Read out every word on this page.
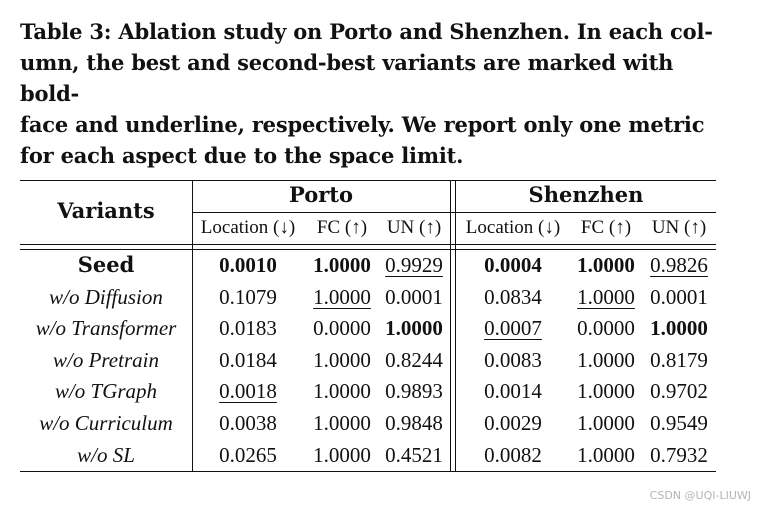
Table 3: Ablation study on Porto and Shenzhen. In each col-
umn, the best and second-best variants are marked with bold-
face and underline, respectively. We report only one metric
for each aspect due to the space limit.
Variants
Porto	Shenzhen
Location (↓)	FC (↑)	UN (↑)	Location (↓)	FC (↑)	UN (↑)
Seed	0.0010	1.0000 0.9929	0.0004	1.0000 0.9826
w/o Diffusion	0.1079	1.0000 0.0001	0.0834	1.0000 0.0001
w/o Transformer	0.0183	0.0000 1.0000	0.0007	0.0000 1.0000
w/o Pretrain	0.0184	1.0000 0.8244	0.0083	1.0000 0.8179
w/o TGraph	0.0018	1.0000 0.9893	0.0014	1.0000 0.9702
w/o Curriculum	0.0038	1.0000 0.9848	0.0029	1.0000 0.9549
w/o SL	0.0265	1.0000 0.4521	0.0082	1.0000 0.7932
CSDN @UQI-LIUWJ
